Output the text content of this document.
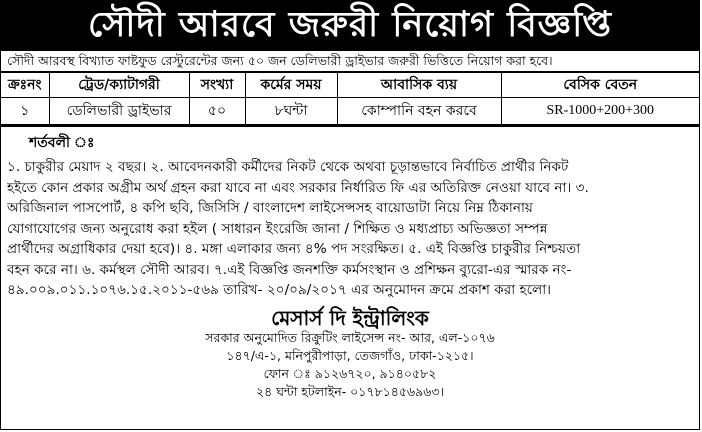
সৌদী আরবে জরুরী নিয়োগ বিজ্ঞপ্তি
সৌদী আরবস্থ বিখ্যাত ফাষ্টফুড রেস্টুরেন্টের জন্য ৫০ জন ডেলিভারী ড্রাইভার জরুরী ভিত্তিতে নিয়োগ করা হবে।
ক্রঃনং	ট্রেড/ক্যাটাগরী	সংখ্যা	কর্মের সময়	আবাসিক ব্যয়	বেসিক বেতন
১	ডেলিভারী ড্রাইভার	৫০	৮ঘন্টা	কোম্পানি বহন করবে	SR-1000+200+300
শর্তবলী ঃ
১. চাকুরীর মেয়াদ ২ বছর। ২. আবেদনকারী কর্মীদের নিকট থেকে অথবা চূড়ান্তভাবে নির্বাচিত প্রার্থীর নিকট
হইতে কোন প্রকার অগ্রীম অর্থ গ্রহন করা যাবে না এবং সরকার নির্ধারিত ফি এর অতিরিক্ত নেওয়া যাবে না। ৩.
অরিজিনাল পাসপোর্ট, ৪ কপি ছবি, জিসিসি / বাংলাদেশ লাইসেন্সসহ বায়োডাটা নিয়ে নিম্ন ঠিকানায়
যোগাযোগের জন্য অনুরোধ করা হইল ( সাধারন ইংরেজি জানা / শিক্ষিত ও মধ্যপ্রাচ্য অভিজ্ঞতা সম্পন্ন
প্রার্থীদের অগ্রাধিকার দেয়া হবে)। ৪. মঙ্গা এলাকার জন্য ৪% পদ সংরক্ষিত। ৫. এই বিজ্ঞপ্তি চাকুরীর নিশ্চয়তা
বহন করে না। ৬. কর্মস্থল সৌদী আরব। ৭.এই বিজ্ঞপ্তি জনশক্তি কর্মসংস্থান ও প্রশিক্ষন ব্যুরো-এর স্মারক নং-
৪৯.০০৯.০১১.১০৭৬.১৫.২০১১-৫৬৯ তারিখ- ২০/০৯/২০১৭ এর অনুমোদন ক্রমে প্রকাশ করা হলো।
মেসার্স দি ইন্ট্রালিংক
সরকার অনুমোদিত রিক্রুটিং লাইসেন্স নং- আর, এল-১০৭৬
১৪৭/এ-১, মনিপুরীপাড়া, তেজগাঁও, ঢাকা-১২১৫।
ফোন ঃ ৯১২৬৭২০, ৯১৪০৫৮২
২৪ ঘন্টা হটলাইন- ০১৭৮১৪৫৬৯৬৩।
